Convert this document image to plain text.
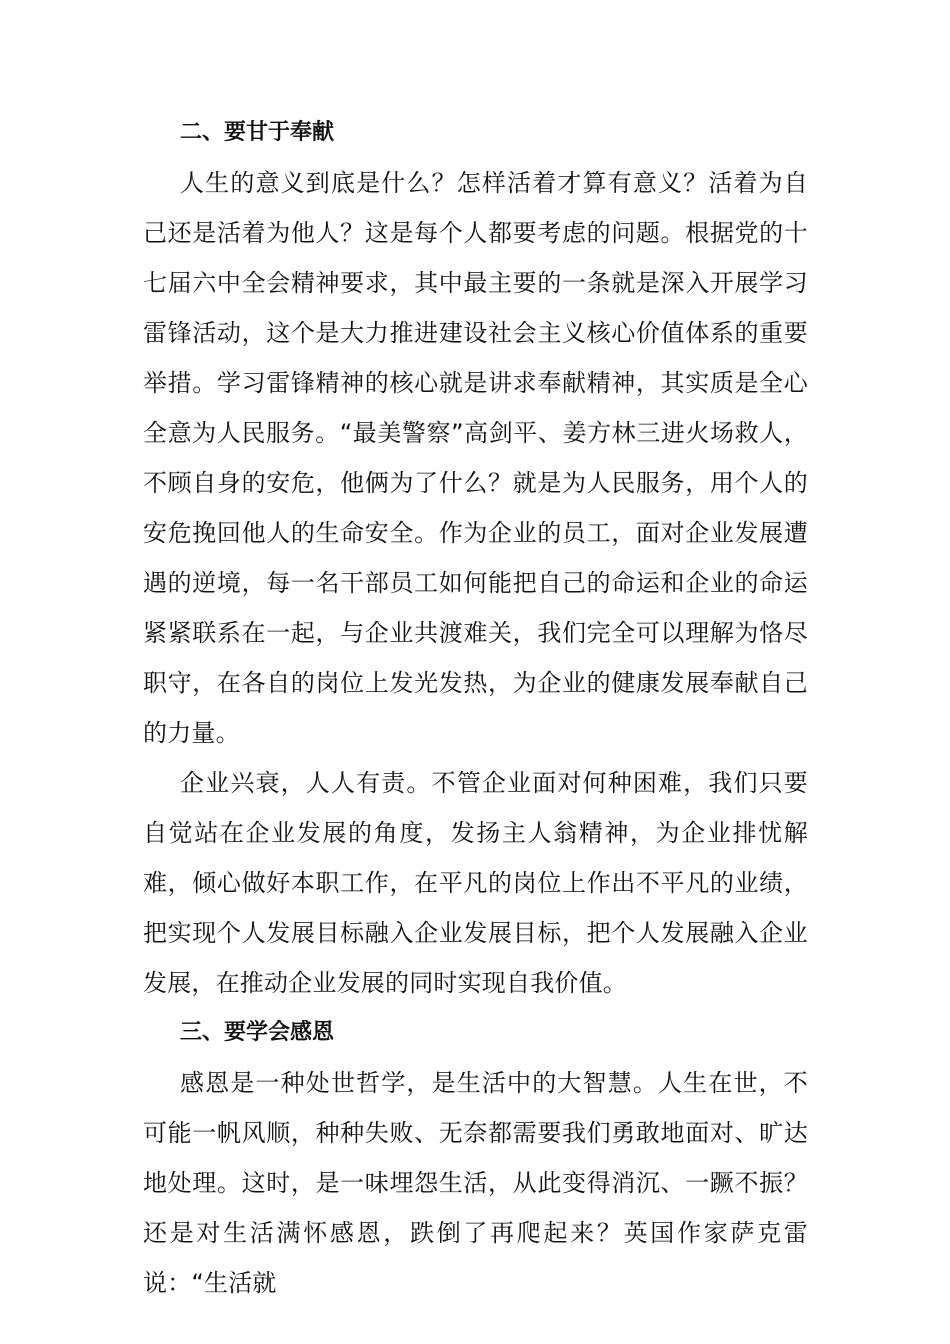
二、要甘于奉献

人生的意义到底是什么？怎样活着才算有意义？活着为自己还是活着为他人？这是每个人都要考虑的问题。根据党的十七届六中全会精神要求，其中最主要的一条就是深入开展学习雷锋活动，这个是大力推进建设社会主义核心价值体系的重要举措。学习雷锋精神的核心就是讲求奉献精神，其实质是全心全意为人民服务。“最美警察”高剑平、姜方林三进火场救人，不顾自身的安危，他俩为了什么？就是为人民服务，用个人的安危挽回他人的生命安全。作为企业的员工，面对企业发展遭遇的逆境，每一名干部员工如何能把自己的命运和企业的命运紧紧联系在一起，与企业共渡难关，我们完全可以理解为恪尽职守，在各自的岗位上发光发热，为企业的健康发展奉献自己的力量。

企业兴衰，人人有责。不管企业面对何种困难，我们只要自觉站在企业发展的角度，发扬主人翁精神，为企业排忧解难，倾心做好本职工作，在平凡的岗位上作出不平凡的业绩，把实现个人发展目标融入企业发展目标，把个人发展融入企业发展，在推动企业发展的同时实现自我价值。

三、要学会感恩

感恩是一种处世哲学，是生活中的大智慧。人生在世，不可能一帆风顺，种种失败、无奈都需要我们勇敢地面对、旷达地处理。这时，是一味埋怨生活，从此变得消沉、一蹶不振？还是对生活满怀感恩，跌倒了再爬起来？英国作家萨克雷说：“生活就
